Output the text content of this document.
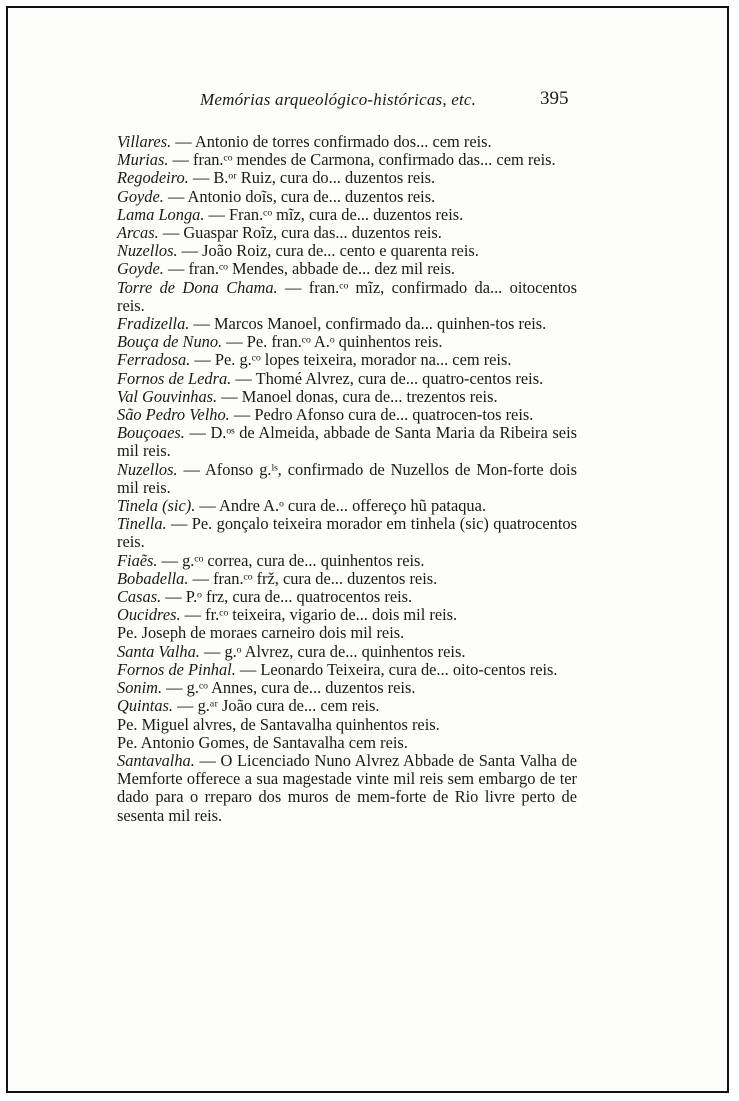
Memórias arqueológico-históricas, etc.	395

Villares. — Antonio de torres confirmado dos... cem reis.

Murias. — fran.ᶜᵒ mendes de Carmona, confirmado das... cem reis.

Regodeiro. — B.ᵒʳ Ruiz, cura do... duzentos reis.

Goyde. — Antonio doĩs, cura de... duzentos reis.

Lama Longa. — Fran.ᶜᵒ mĩz, cura de... duzentos reis.

Arcas. — Guaspar Roĩz, cura das... duzentos reis.

Nuzellos. — João Roiz, cura de... cento e quarenta reis.

Goyde. — fran.ᶜᵒ Mendes, abbade de... dez mil reis.

Torre de Dona Chama. — fran.ᶜᵒ mĩz, confirmado da... oitocentos reis.

Fradizella. — Marcos Manoel, confirmado da... quinhen-tos reis.

Bouça de Nuno. — Pe. fran.ᶜᵒ A.ᵒ quinhentos reis.

Ferradosa. — Pe. g.ᶜᵒ lopes teixeira, morador na... cem reis.

Fornos de Ledra. — Thomé Alvrez, cura de... quatro-centos reis.

Val Gouvinhas. — Manoel donas, cura de... trezentos reis.

São Pedro Velho. — Pedro Afonso cura de... quatrocen-tos reis.

Bouçoaes. — D.ᵒˢ de Almeida, abbade de Santa Maria da Ribeira seis mil reis.

Nuzellos. — Afonso g.ˡˢ, confirmado de Nuzellos de Mon-forte dois mil reis.

Tinela (sic). — Andre A.ᵒ cura de... offereço hũ pataqua.

Tinella. — Pe. gonçalo teixeira morador em tinhela (sic) quatrocentos reis.

Fiaẽs. — g.ᶜᵒ correa, cura de... quinhentos reis.

Bobadella. — fran.ᶜᵒ frž, cura de... duzentos reis.

Casas. — P.ᵒ frz, cura de... quatrocentos reis.

Oucidres. — fr.ᶜᵒ teixeira, vigario de... dois mil reis.

Pe. Joseph de moraes carneiro dois mil reis.

Santa Valha. — g.ᵒ Alvrez, cura de... quinhentos reis.

Fornos de Pinhal. — Leonardo Teixeira, cura de... oito-centos reis.

Sonim. — g.ᶜᵒ Annes, cura de... duzentos reis.

Quintas. — g.ᵃʳ João cura de... cem reis.

Pe. Miguel alvres, de Santavalha quinhentos reis.

Pe. Antonio Gomes, de Santavalha cem reis.

Santavalha. — O Licenciado Nuno Alvrez Abbade de Santa Valha de Memforte offerece a sua magestade vinte mil reis sem embargo de ter dado para o rreparo dos muros de mem-forte de Rio livre perto de sesenta mil reis.
